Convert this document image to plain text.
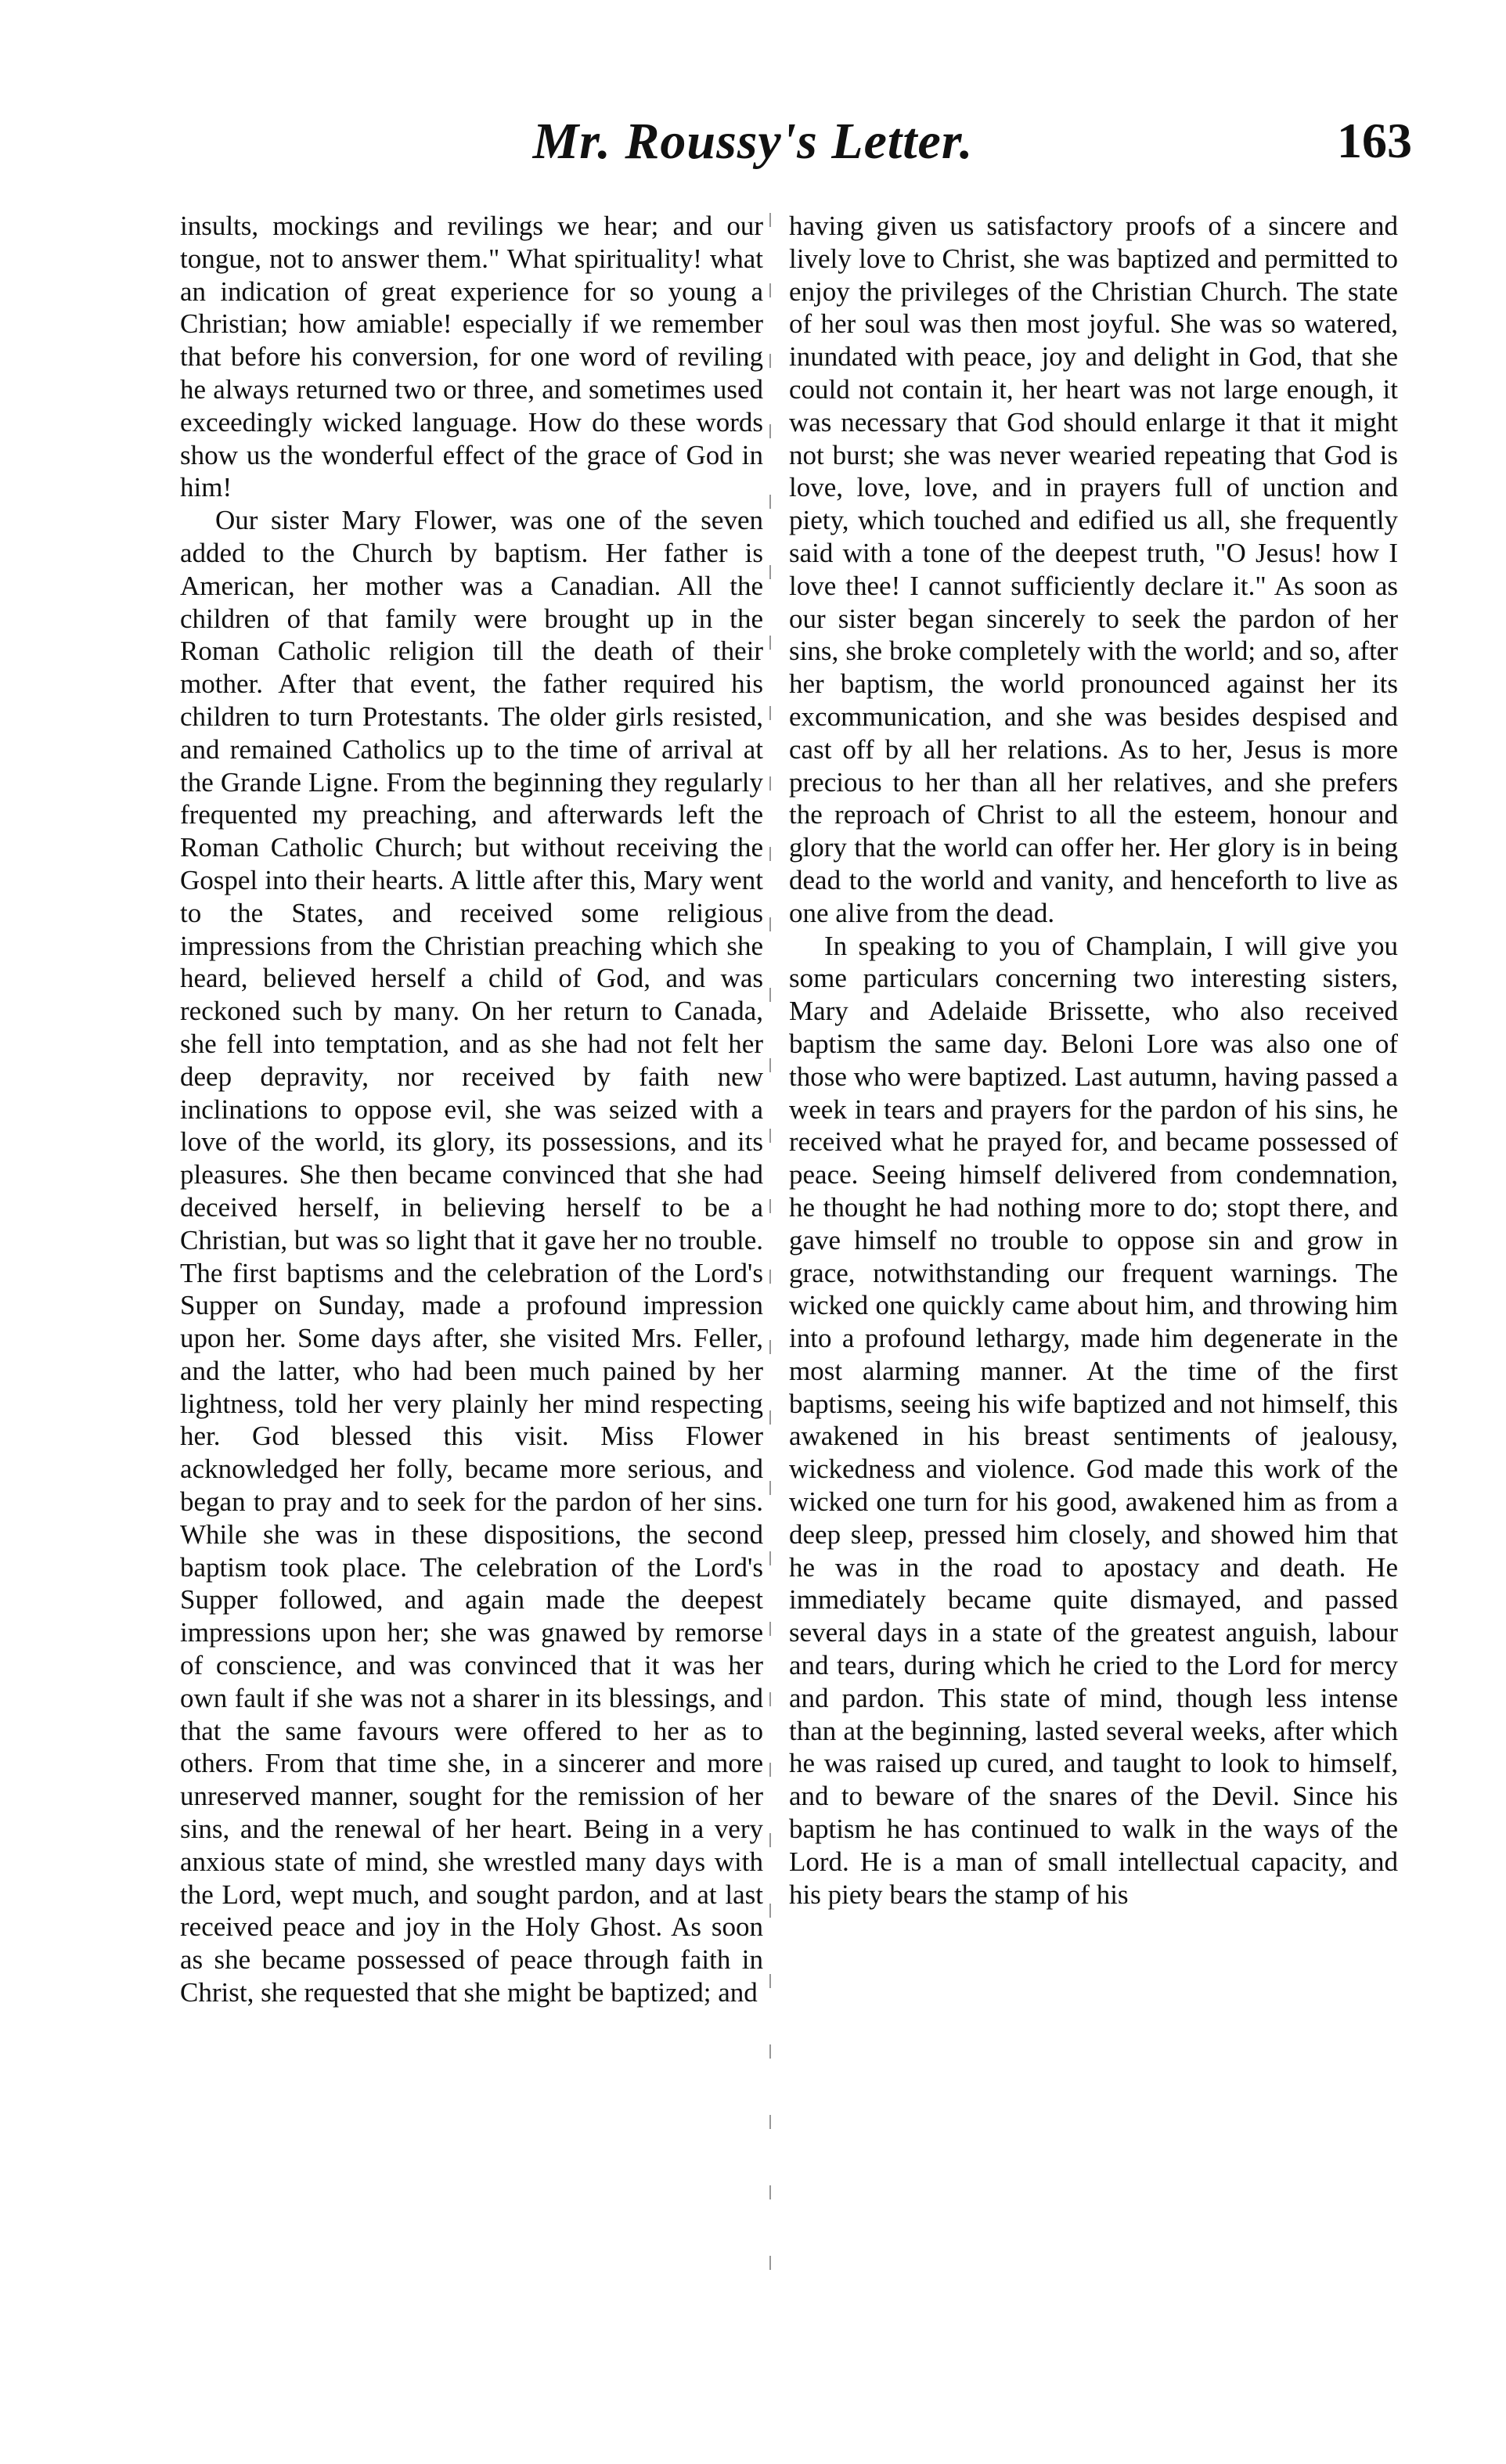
Mr. Roussy's Letter.	163

insults, mockings and revilings we hear; and our tongue, not to answer them." What spirituality! what an indication of great experience for so young a Christian; how amiable! especially if we remember that before his conversion, for one word of reviling he always returned two or three, and sometimes used exceedingly wicked language. How do these words show us the wonderful effect of the grace of God in him!

Our sister Mary Flower, was one of the seven added to the Church by baptism. Her father is American, her mother was a Canadian. All the children of that family were brought up in the Roman Catholic religion till the death of their mother. After that event, the father required his children to turn Protestants. The older girls resisted, and remained Catholics up to the time of arrival at the Grande Ligne. From the beginning they regularly frequented my preaching, and afterwards left the Roman Catholic Church; but without receiving the Gospel into their hearts. A little after this, Mary went to the States, and received some religious impressions from the Christian preaching which she heard, believed herself a child of God, and was reckoned such by many. On her return to Canada, she fell into temptation, and as she had not felt her deep depravity, nor received by faith new inclinations to oppose evil, she was seized with a love of the world, its glory, its possessions, and its pleasures. She then became convinced that she had deceived herself, in believing herself to be a Christian, but was so light that it gave her no trouble. The first baptisms and the celebration of the Lord's Supper on Sunday, made a profound impression upon her. Some days after, she visited Mrs. Feller, and the latter, who had been much pained by her lightness, told her very plainly her mind respecting her. God blessed this visit. Miss Flower acknowledged her folly, became more serious, and began to pray and to seek for the pardon of her sins. While she was in these dispositions, the second baptism took place. The celebration of the Lord's Supper followed, and again made the deepest impressions upon her; she was gnawed by remorse of conscience, and was convinced that it was her own fault if she was not a sharer in its blessings, and that the same favours were offered to her as to others. From that time she, in a sincerer and more unreserved manner, sought for the remission of her sins, and the renewal of her heart. Being in a very anxious state of mind, she wrestled many days with the Lord, wept much, and sought pardon, and at last received peace and joy in the Holy Ghost. As soon as she became possessed of peace through faith in Christ, she requested that she might be baptized; and

having given us satisfactory proofs of a sincere and lively love to Christ, she was baptized and permitted to enjoy the privileges of the Christian Church. The state of her soul was then most joyful. She was so watered, inundated with peace, joy and delight in God, that she could not contain it, her heart was not large enough, it was necessary that God should enlarge it that it might not burst; she was never wearied repeating that God is love, love, love, and in prayers full of unction and piety, which touched and edified us all, she frequently said with a tone of the deepest truth, "O Jesus! how I love thee! I cannot sufficiently declare it." As soon as our sister began sincerely to seek the pardon of her sins, she broke completely with the world; and so, after her baptism, the world pronounced against her its excommunication, and she was besides despised and cast off by all her relations. As to her, Jesus is more precious to her than all her relatives, and she prefers the reproach of Christ to all the esteem, honour and glory that the world can offer her. Her glory is in being dead to the world and vanity, and henceforth to live as one alive from the dead.

In speaking to you of Champlain, I will give you some particulars concerning two interesting sisters, Mary and Adelaide Brissette, who also received baptism the same day. Beloni Lore was also one of those who were baptized. Last autumn, having passed a week in tears and prayers for the pardon of his sins, he received what he prayed for, and became possessed of peace. Seeing himself delivered from condemnation, he thought he had nothing more to do; stopt there, and gave himself no trouble to oppose sin and grow in grace, notwithstanding our frequent warnings. The wicked one quickly came about him, and throwing him into a profound lethargy, made him degenerate in the most alarming manner. At the time of the first baptisms, seeing his wife baptized and not himself, this awakened in his breast sentiments of jealousy, wickedness and violence. God made this work of the wicked one turn for his good, awakened him as from a deep sleep, pressed him closely, and showed him that he was in the road to apostacy and death. He immediately became quite dismayed, and passed several days in a state of the greatest anguish, labour and tears, during which he cried to the Lord for mercy and pardon. This state of mind, though less intense than at the beginning, lasted several weeks, after which he was raised up cured, and taught to look to himself, and to beware of the snares of the Devil. Since his baptism he has continued to walk in the ways of the Lord. He is a man of small intellectual capacity, and his piety bears the stamp of his
